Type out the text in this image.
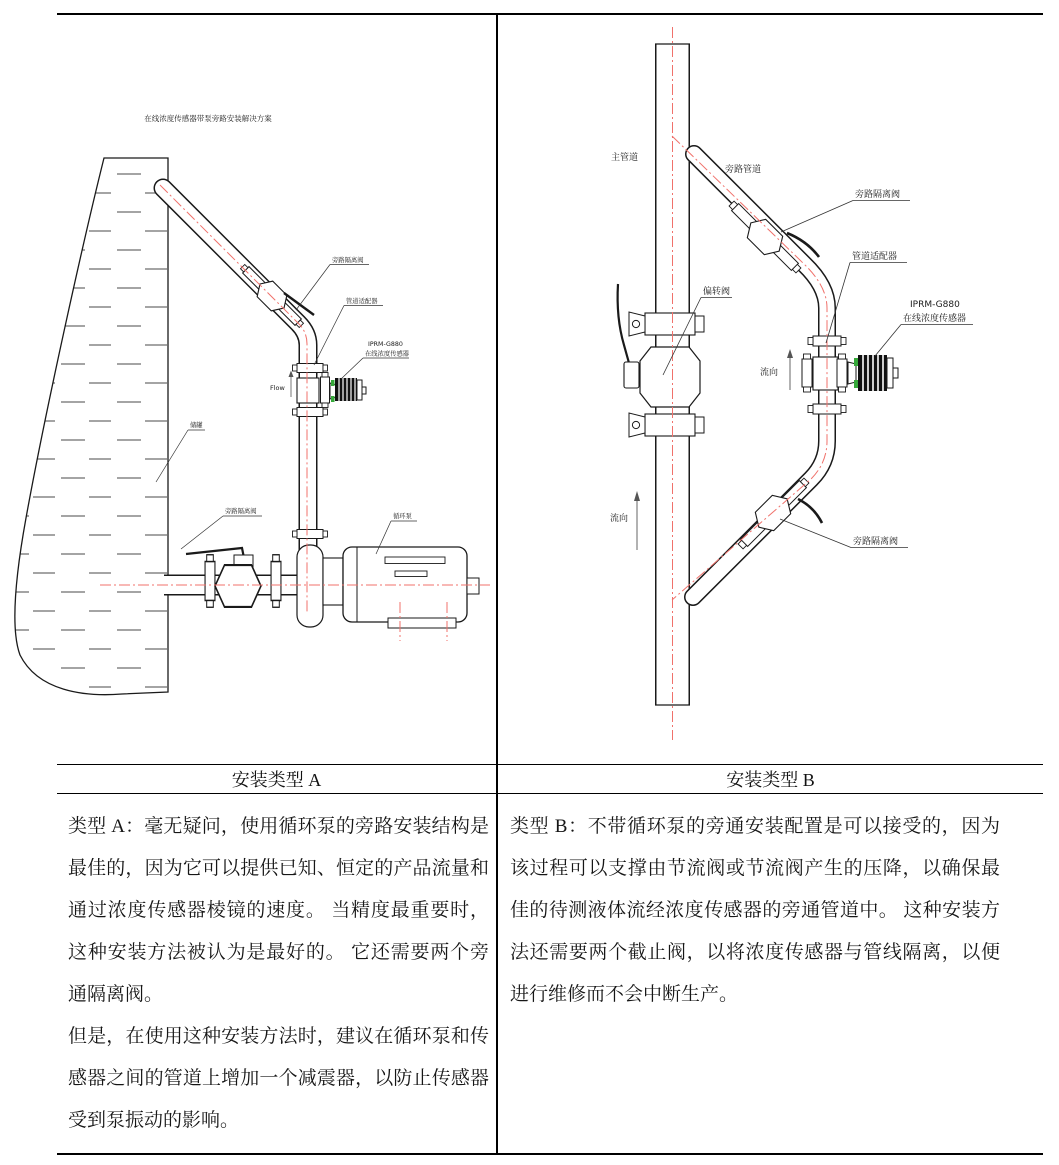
在线浓度传感器带泵旁路安装解决方案
旁路隔离阀
管道适配器
IPRM-G880
在线浓度传感器
Flow
储罐
旁路隔离阀
循环泵
主管道
旁路管道
旁路隔离阀
管道适配器
IPRM-G880
在线浓度传感器
流向
偏转阀
流向
旁路隔离阀
安装类型 A	安装类型 B

类型 A：毫无疑问，使用循环泵的旁路安装结构是最佳的，因为它可以提供已知、恒定的产品流量和通过浓度传感器棱镜的速度。 当精度最重要时，这种安装方法被认为是最好的。 它还需要两个旁通隔离阀。

但是，在使用这种安装方法时，建议在循环泵和传感器之间的管道上增加一个减震器，以防止传感器受到泵振动的影响。

类型 B：不带循环泵的旁通安装配置是可以接受的，因为该过程可以支撑由节流阀或节流阀产生的压降，以确保最佳的待测液体流经浓度传感器的旁通管道中。 这种安装方法还需要两个截止阀，以将浓度传感器与管线隔离，以便进行维修而不会中断生产。
